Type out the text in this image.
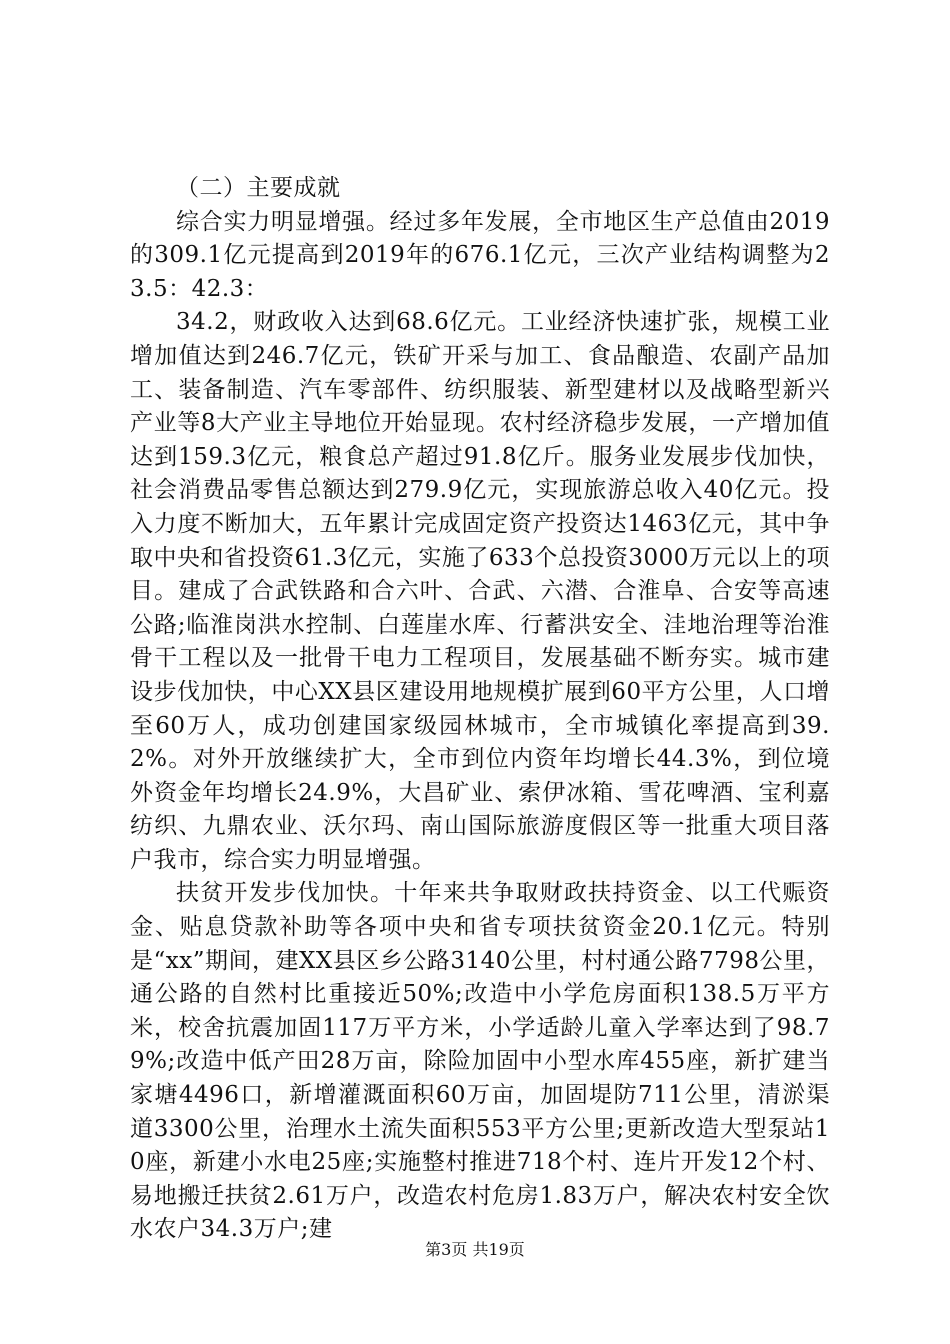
（二）主要成就

综合实力明显增强。经过多年发展，全市地区生产总值由2019的309.1亿元提高到2019年的676.1亿元，三次产业结构调整为23.5：42.3：

34.2，财政收入达到68.6亿元。工业经济快速扩张，规模工业增加值达到246.7亿元，铁矿开采与加工、食品酿造、农副产品加工、装备制造、汽车零部件、纺织服装、新型建材以及战略型新兴产业等8大产业主导地位开始显现。农村经济稳步发展，一产增加值达到159.3亿元，粮食总产超过91.8亿斤。服务业发展步伐加快，社会消费品零售总额达到279.9亿元，实现旅游总收入40亿元。投入力度不断加大，五年累计完成固定资产投资达1463亿元，其中争取中央和省投资61.3亿元，实施了633个总投资3000万元以上的项目。建成了合武铁路和合六叶、合武、六潜、合淮阜、合安等高速公路;临淮岗洪水控制、白莲崖水库、行蓄洪安全、洼地治理等治淮骨干工程以及一批骨干电力工程项目，发展基础不断夯实。城市建设步伐加快，中心XX县区建设用地规模扩展到60平方公里，人口增至60万人，成功创建国家级园林城市，全市城镇化率提高到39.2%。对外开放继续扩大，全市到位内资年均增长44.3%，到位境外资金年均增长24.9%，大昌矿业、索伊冰箱、雪花啤酒、宝利嘉纺织、九鼎农业、沃尔玛、南山国际旅游度假区等一批重大项目落户我市，综合实力明显增强。

扶贫开发步伐加快。十年来共争取财政扶持资金、以工代赈资金、贴息贷款补助等各项中央和省专项扶贫资金20.1亿元。特别是“xx”期间，建XX县区乡公路3140公里，村村通公路7798公里，通公路的自然村比重接近50%;改造中小学危房面积138.5万平方米，校舍抗震加固117万平方米，小学适龄儿童入学率达到了98.79%;改造中低产田28万亩，除险加固中小型水库455座，新扩建当家塘4496口，新增灌溉面积60万亩，加固堤防711公里，清淤渠道3300公里，治理水土流失面积553平方公里;更新改造大型泵站10座，新建小水电25座;实施整村推进718个村、连片开发12个村、易地搬迁扶贫2.61万户，改造农村危房1.83万户，解决农村安全饮水农户34.3万户;建

第3页 共19页
